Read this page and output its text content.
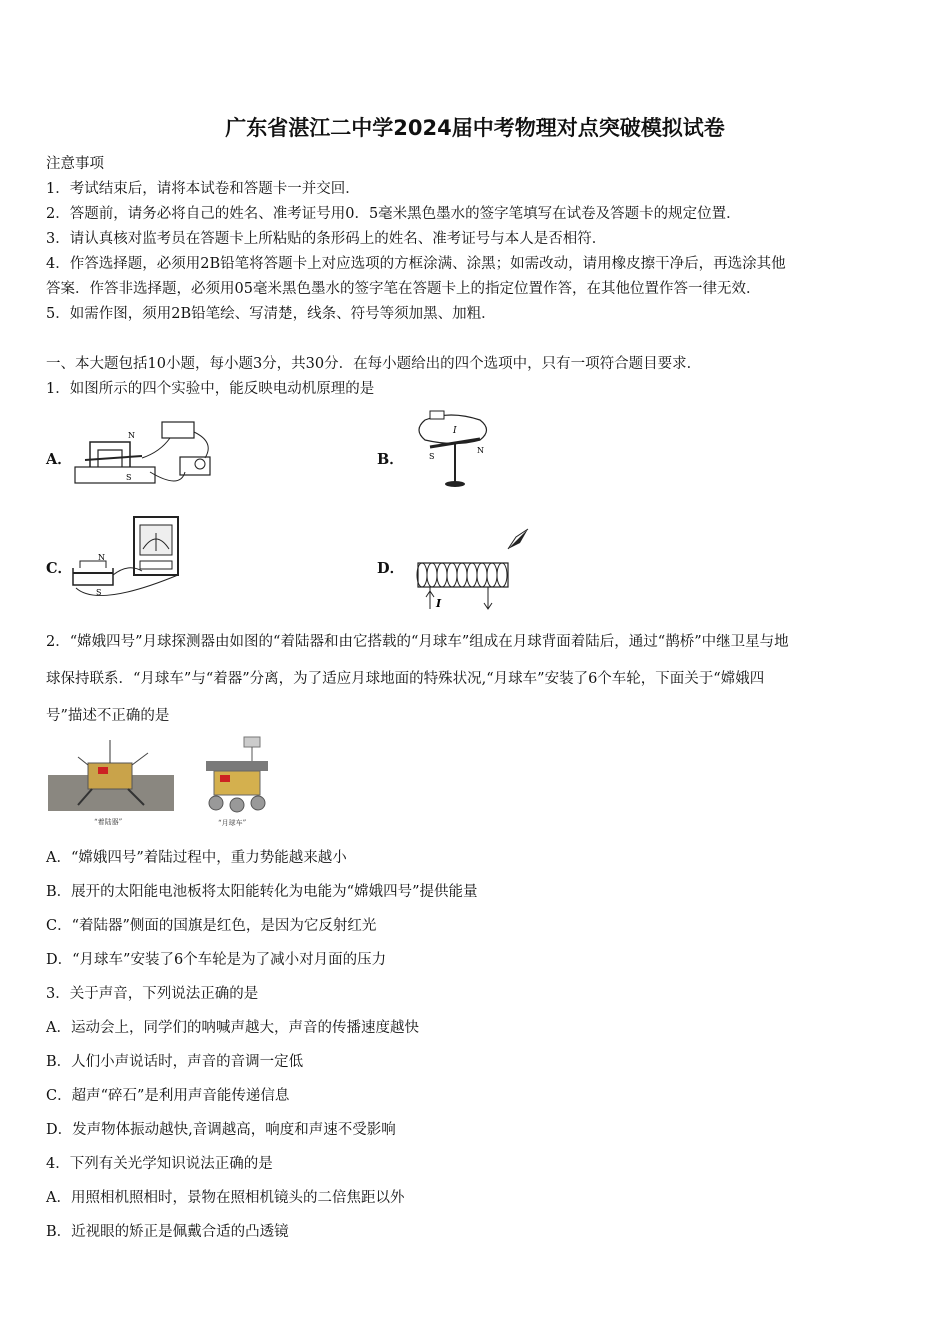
广东省湛江二中学2024届中考物理对点突破模拟试卷
注意事项
1．考试结束后，请将本试卷和答题卡一并交回．
2．答题前，请务必将自己的姓名、准考证号用0．5毫米黑色墨水的签字笔填写在试卷及答题卡的规定位置．
3．请认真核对监考员在答题卡上所粘贴的条形码上的姓名、准考证号与本人是否相符．
4．作答选择题，必须用2B铅笔将答题卡上对应选项的方框涂满、涂黑；如需改动，请用橡皮擦干净后，再选涂其他
答案．作答非选择题，必须用05毫米黑色墨水的签字笔在答题卡上的指定位置作答，在其他位置作答一律无效．
5．如需作图，须用2B铅笔绘、写清楚，线条、符号等须加黑、加粗．
一、本大题包括10小题，每小题3分，共30分．在每小题给出的四个选项中，只有一项符合题目要求．
1．如图所示的四个实验中，能反映电动机原理的是
A．
N
S
B．	S
N
I
C．
N
S
D．
I
2．“嫦娥四号”月球探测器由如图的“着陆器和由它搭载的“月球车”组成在月球背面着陆后，通过“鹊桥”中继卫星与地
球保持联系．“月球车”与“着器”分离，为了适应月球地面的特殊状况,“月球车”安装了6个车轮，下面关于“嫦娥四
号”描述不正确的是
“着陆器”	“月球车”
A．“嫦娥四号”着陆过程中，重力势能越来越小
B．展开的太阳能电池板将太阳能转化为电能为“嫦娥四号”提供能量
C．“着陆器”侧面的国旗是红色，是因为它反射红光
D．“月球车”安装了6个车轮是为了减小对月面的压力
3．关于声音，下列说法正确的是
A．运动会上，同学们的呐喊声越大，声音的传播速度越快
B．人们小声说话时，声音的音调一定低
C．超声“碎石”是利用声音能传递信息
D．发声物体振动越快,音调越高，响度和声速不受影响
4．下列有关光学知识说法正确的是
A．用照相机照相时，景物在照相机镜头的二倍焦距以外
B．近视眼的矫正是佩戴合适的凸透镜
